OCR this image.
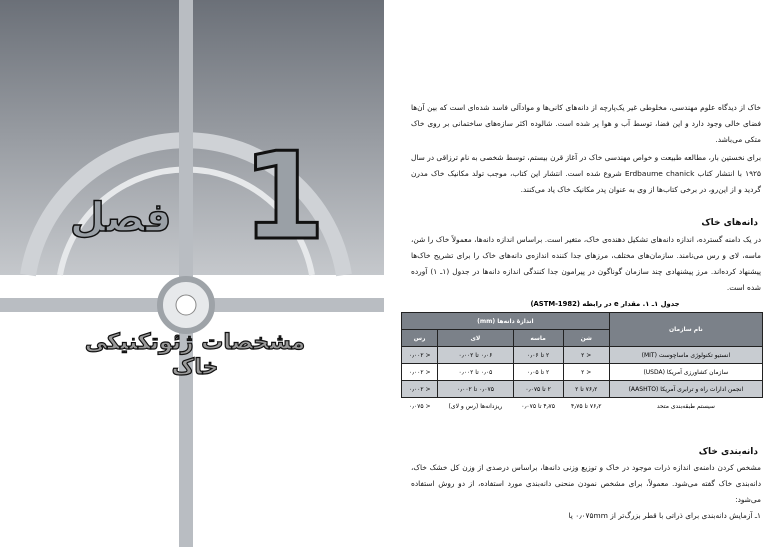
فصل 1
مشخصات ژئوتکنیکی خاک
خاک از دیدگاه علوم مهندسی، مخلوطی غیر یک‌پارچه از دانه‌های کانی‌ها و موادآلی فاسد شده‌ای است که بین آن‌ها فضای خالی وجود دارد و این فضا، توسط آب و هوا پر شده است. شالوده اکثر سازه‌های ساختمانی بر روی خاک متکی می‌باشد.
برای نخستین بار، مطالعه طبیعت و خواص مهندسی خاک در آغاز قرن بیستم، توسط شخصی به نام ترزاقی در سال ۱۹۲۵ با انتشار کتاب Erdbaume chanick شروع شده است. انتشار این کتاب، موجب تولد مکانیک خاک مدرن گردید و از این‌رو، در برخی کتاب‌ها از وی به عنوان پدر مکانیک خاک یاد می‌کنند.
دانه‌های خاک
در یک دامنه گسترده، اندازه دانه‌های تشکیل دهنده‌ی خاک، متغیر است. براساس اندازه دانه‌ها، معمولاً خاک را شن، ماسه، لای و رس می‌نامند. سازمان‌های مختلف، مرزهای جدا کننده اندازه‌ی دانه‌های خاک را برای تشریح خاک‌ها پیشنهاد کرده‌اند. مرز پیشنهادی چند سازمان گوناگون در پیرامون جدا کنندگی اندازه دانه‌ها در جدول (۱ـ ۱) آورده شده است.
جدول ۱ـ ۱. مقدار e در رابطه (ASTM-1982)
نام سازمان	اندازهٔ دانه‌ها (mm)			
	شن	ماسه	لای	رس
انستیو تکنولوژی ماساچوست (MIT)	< ۲	۲ تا ۰٫۰۶	۰٫۰۶ تا ۰٫۰۰۲	< ۰٫۰۰۲
سازمان کشاورزی آمریکا (USDA)	< ۲	۲ تا ۰٫۰۵	۰٫۰۵ تا ۰٫۰۰۲	< ۰٫۰۰۲
انجمن ادارات راه و ترابری آمریکا (AASHTO)	۷۶٫۲ تا ۲	۲ تا ۰٫۰۷۵	۰٫۰۷۵ تا ۰٫۰۰۲	< ۰٫۰۰۲
سیستم طبقه‌بندی متحد	۷۶٫۲ تا ۴٫۷۵	۴٫۷۵ تا ۰٫۰۷۵	ریزدانه‌ها (رس و لای)	< ۰٫۰۷۵
دانه‌بندی خاک
مشخص کردن دامنه‌ی اندازه ذرات موجود در خاک و توزیع وزنی دانه‌ها، براساس درصدی از وزن کل خشک خاک، دانه‌بندی خاک گفته می‌شود. معمولاً، برای مشخص نمودن منحنی دانه‌بندی مورد استفاده، از دو روش استفاده می‌شود:
۱ـ آزمایش دانه‌بندی برای ذراتی با قطر بزرگ‌تر از ۰٫۰۷۵mm یا
